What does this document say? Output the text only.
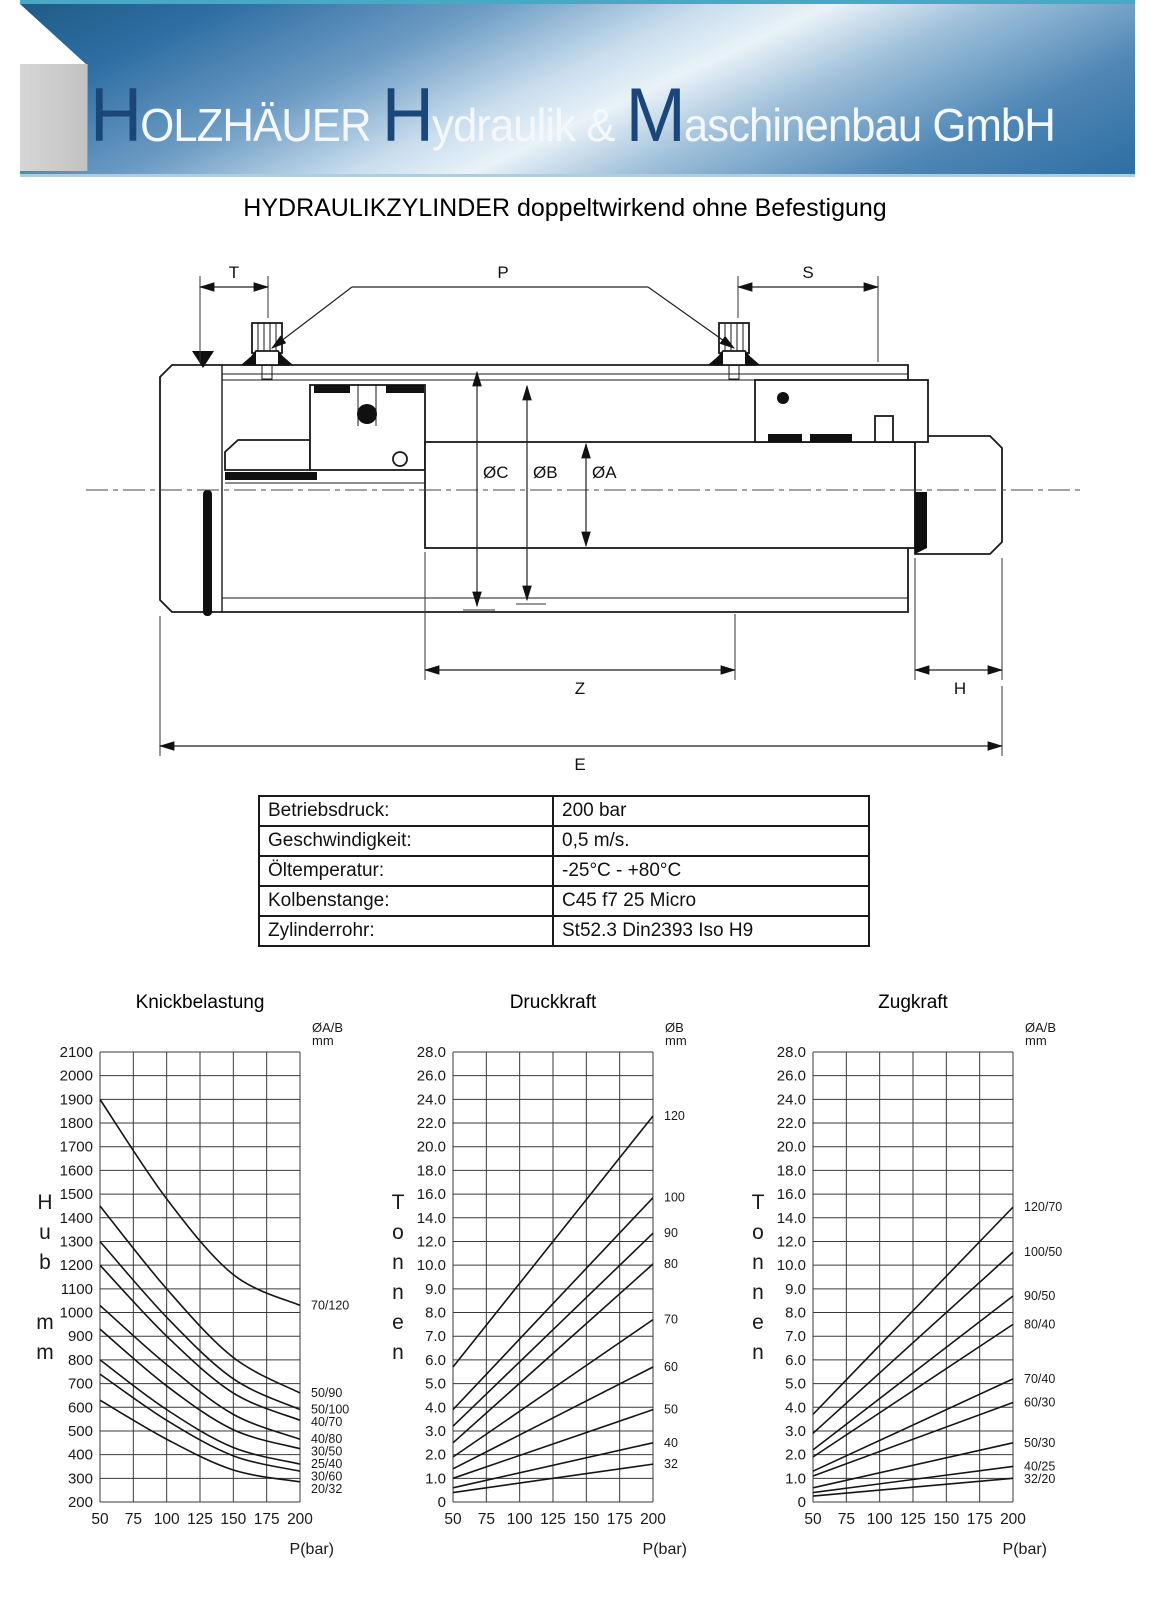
H OLZHÄUER H ydraulik & M aschinenbau GmbH
HYDRAULIKZYLINDER doppeltwirkend ohne Befestigung
T	P	S
ØC ØB ØA
Z	H
E
Betriebsdruck:	200 bar
Geschwindigkeit:	0,5 m/s.
Öltemperatur:	-25°C - +80°C
Kolbenstange:	C45 f7 25 Micro
Zylinderrohr:	St52.3 Din2393 Iso H9
Knickbelastung
200
300
400
500
600
700
800
900
1000
1100
1200
1300
1400
1500
1600
1700
1800
1900
2000
2100
50 75 100 125 150 175 200
P(bar)
H
u
b
m
m
ØA/B
mm
70/120
50/90
50/100
40/70
40/80
30/50
25/40
30/60
20/32
Druckkraft
0
1.0
2.0
3.0
4.0
5.0
6.0
7.0
8.0
9.0
10.0
12.0
14.0
16.0
18.0
20.0
22.0
24.0
26.0
28.0
50 75 100 125 150 175 200
P(bar)
T
o
n
n
e
n
ØB
mm
120
100
90
80
70
60
50
40
32
Zugkraft
0
1.0
2.0
3.0
4.0
5.0
6.0
7.0
8.0
9.0
10.0
12.0
14.0
16.0
18.0
20.0
22.0
24.0
26.0
28.0
50 75 100 125 150 175 200
P(bar)
T
o
n
n
e
n
ØA/B
mm
120/70
100/50
90/50
80/40
70/40
60/30
50/30
40/25
32/20
